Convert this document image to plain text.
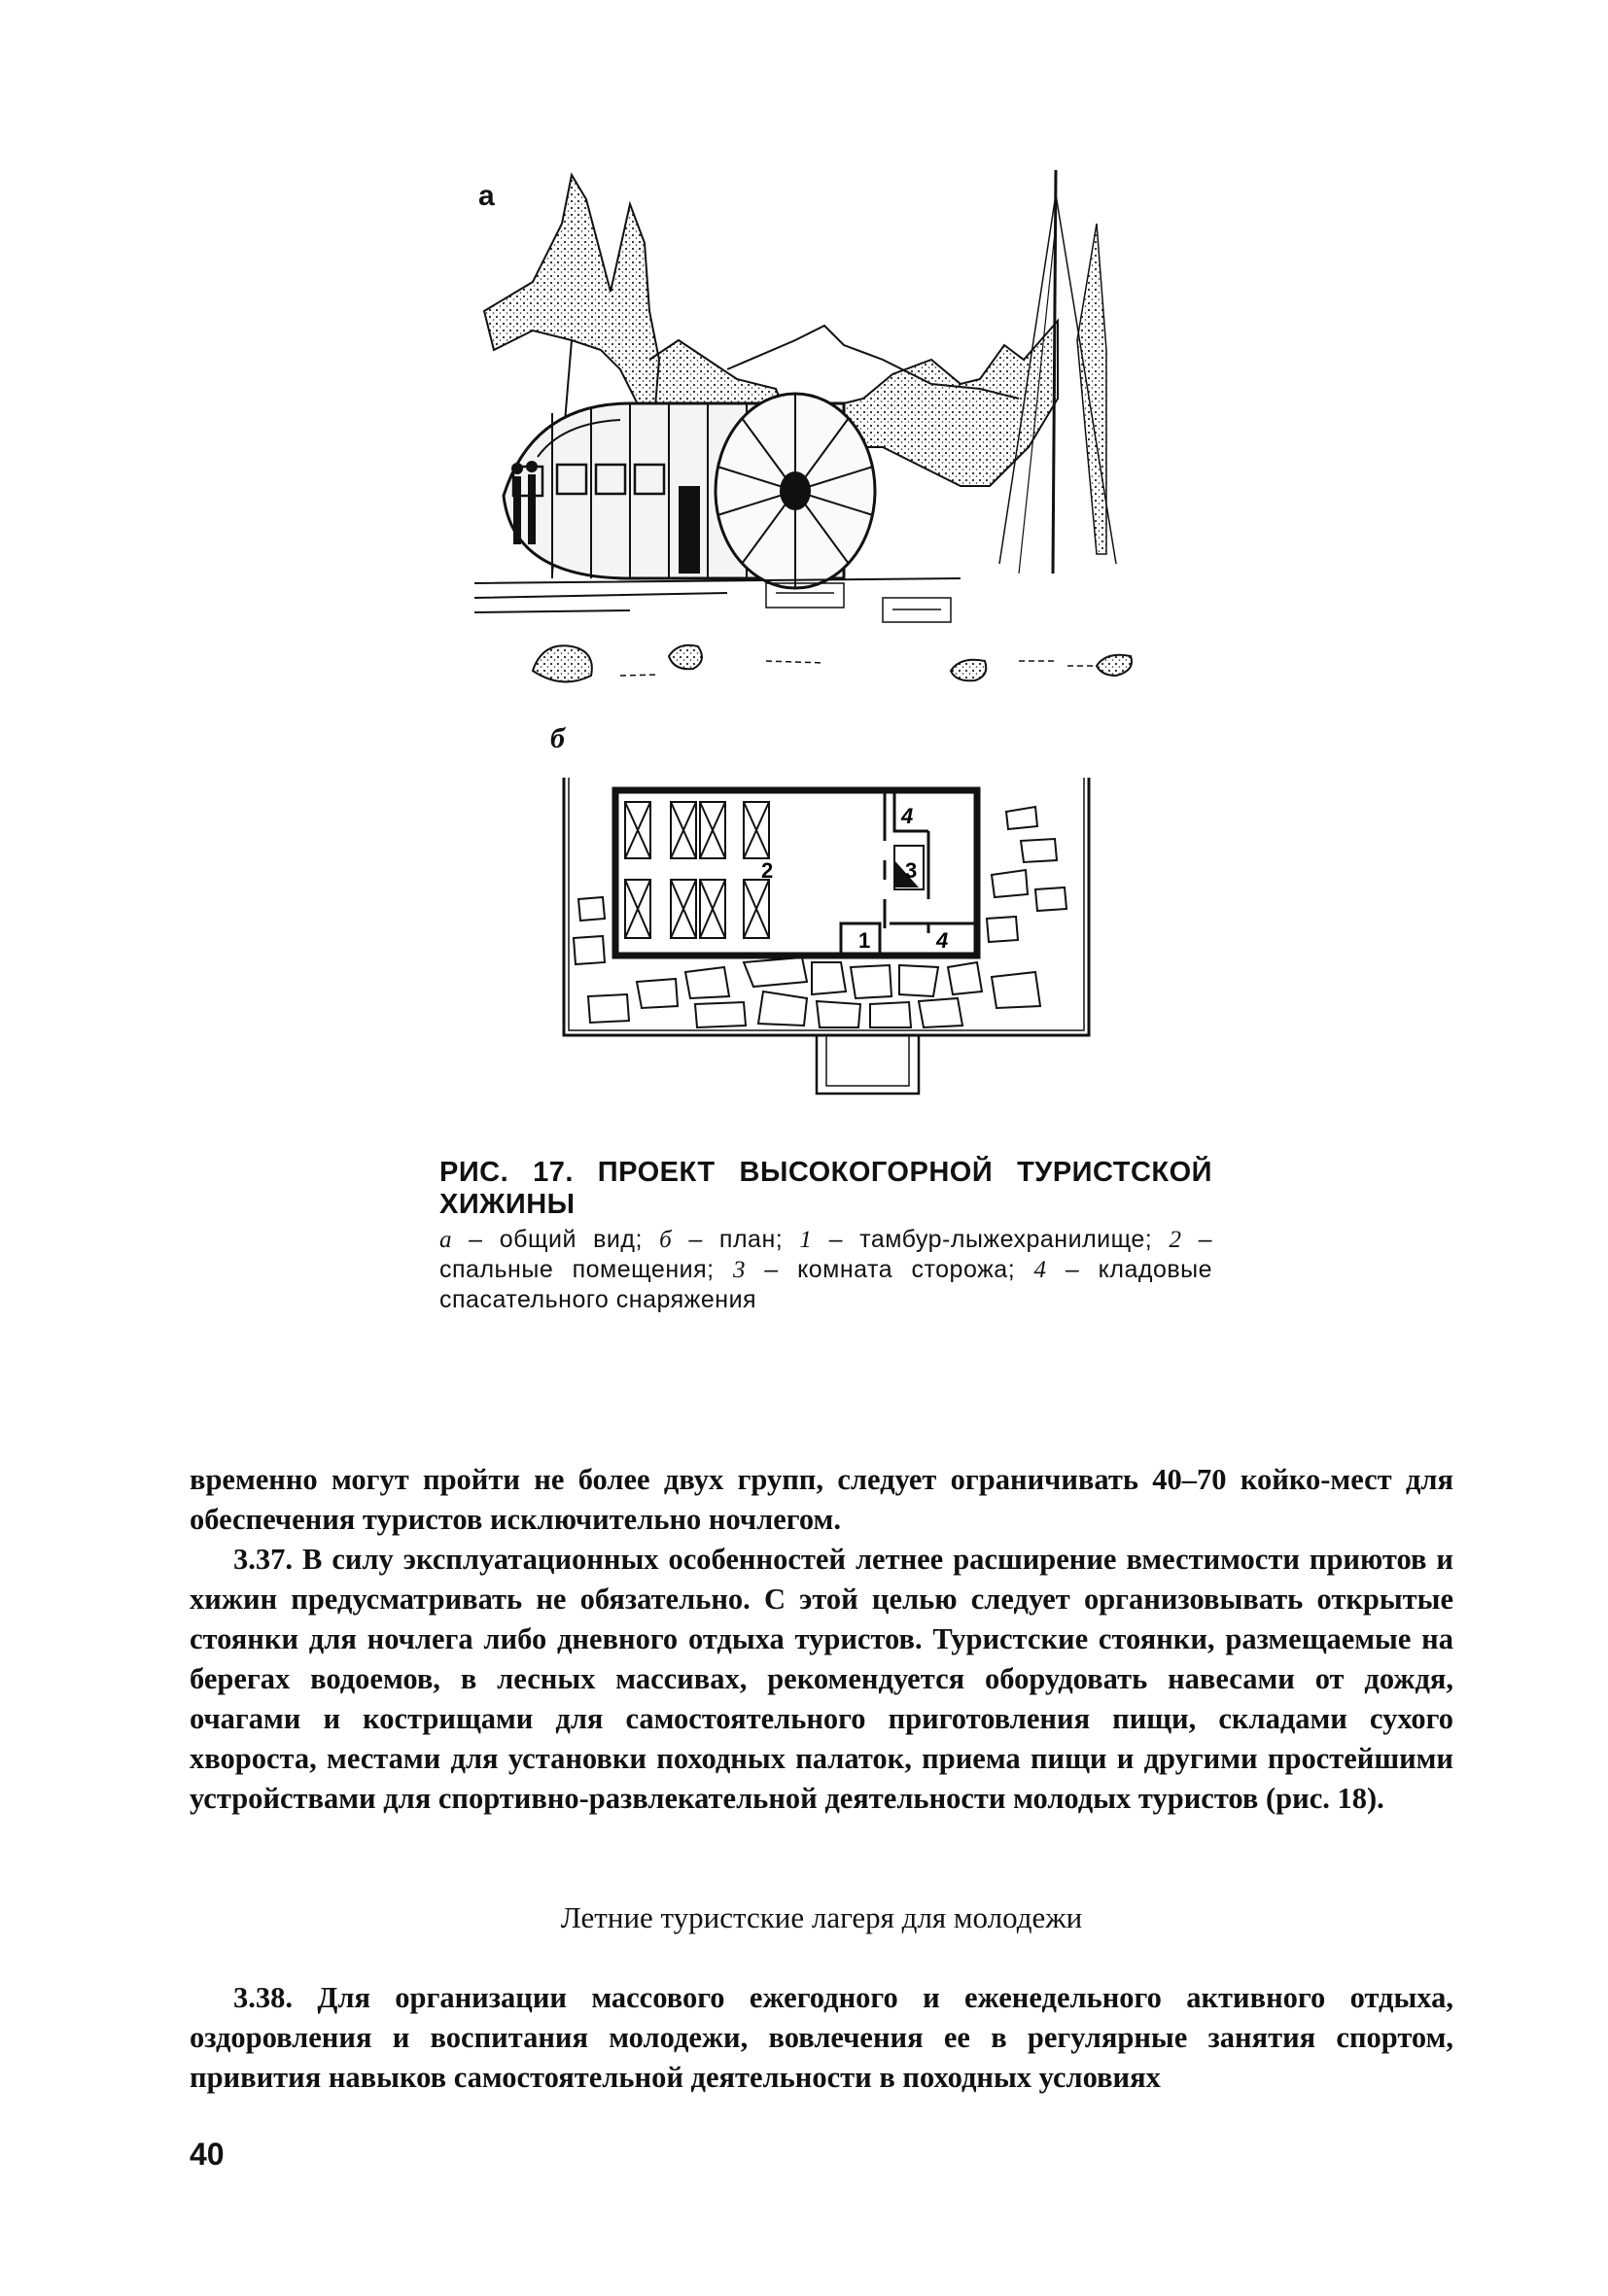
а
б
2	3
4
1	4
РИС. 17. ПРОЕКТ ВЫСОКОГОРНОЙ ТУРИСТСКОЙ ХИЖИНЫ
а – общий вид; б – план; 1 – тамбур-лыжехранилище; 2 – спальные помещения; 3 – комната сторожа; 4 – кладовые спасательного снаряжения

временно могут пройти не более двух групп, следует ограничивать 40–70 койко-мест для обеспечения туристов исключительно ночлегом.

3.37. В силу эксплуатационных особенностей летнее расширение вместимости приютов и хижин предусматривать не обязательно. С этой целью следует организовывать открытые стоянки для ночлега либо дневного отдыха туристов. Туристские стоянки, размещаемые на берегах водоемов, в лесных массивах, рекомендуется оборудовать навесами от дождя, очагами и кострищами для самостоятельного приготовления пищи, складами сухого хвороста, местами для установки походных палаток, приема пищи и другими простейшими устройствами для спортивно-развлекательной деятельности молодых туристов (рис. 18).

Летние туристские лагеря для молодежи

3.38. Для организации массового ежегодного и еженедельного активного отдыха, оздоровления и воспитания молодежи, вовлечения ее в регулярные занятия спортом, привития навыков самостоятельной деятельности в походных условиях

40
